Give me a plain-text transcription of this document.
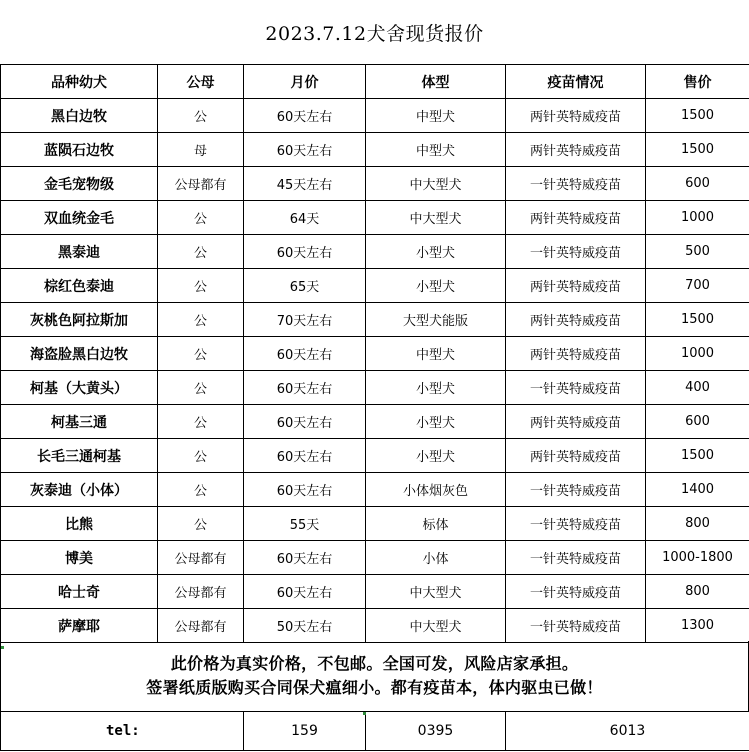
2023.7.12犬舍现货报价
品种幼犬	公母	月价	体型	疫苗情况	售价
黑白边牧	公	60天左右	中型犬	两针英特威疫苗	1500
蓝陨石边牧	母	60天左右	中型犬	两针英特威疫苗	1500
金毛宠物级	公母都有	45天左右	中大型犬	一针英特威疫苗	600
双血统金毛	公	64天	中大型犬	两针英特威疫苗	1000
黑泰迪	公	60天左右	小型犬	一针英特威疫苗	500
棕红色泰迪	公	65天	小型犬	两针英特威疫苗	700
灰桃色阿拉斯加	公	70天左右	大型犬能版	两针英特威疫苗	1500
海盗脸黑白边牧	公	60天左右	中型犬	两针英特威疫苗	1000
柯基（大黄头）	公	60天左右	小型犬	一针英特威疫苗	400
柯基三通	公	60天左右	小型犬	两针英特威疫苗	600
长毛三通柯基	公	60天左右	小型犬	两针英特威疫苗	1500
灰泰迪（小体）	公	60天左右	小体烟灰色	一针英特威疫苗	1400
比熊	公	55天	标体	一针英特威疫苗	800
博美	公母都有	60天左右	小体	一针英特威疫苗	1000-1800
哈士奇	公母都有	60天左右	中大型犬	一针英特威疫苗	800
萨摩耶	公母都有	50天左右	中大型犬	一针英特威疫苗	1300
此价格为真实价格，不包邮。全国可发，风险店家承担。
签署纸质版购买合同保犬瘟细小。都有疫苗本，体内驱虫已做！
tel:	159	0395	6013
